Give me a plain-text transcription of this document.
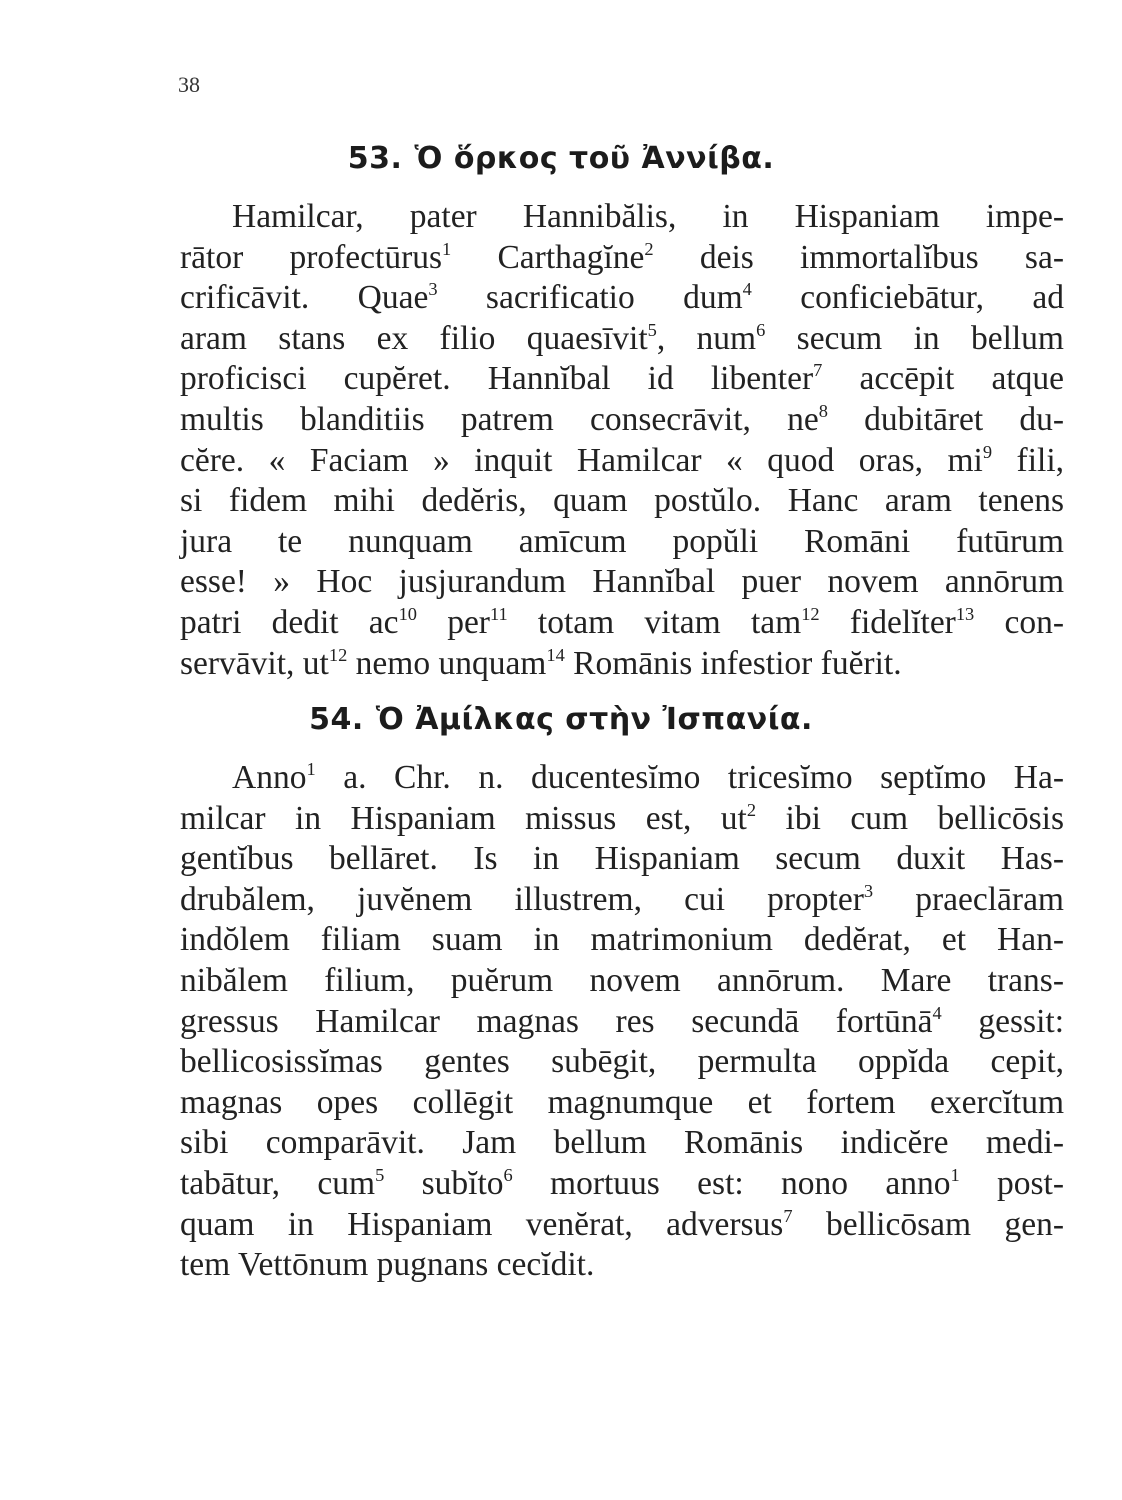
38
53. Ὁ ὅρκος τοῦ Ἀννίβα.
Hamilcar, pater Hannibălis, in Hispaniam impe-
rātor profectūrus$^1$ Carthagĭne$^2$ deis immortalĭbus sa-
crificāvit. Quae$^3$ sacrificatio dum$^4$ conficiebātur, ad
aram stans ex filio quaesīvit$^5$, num$^6$ secum in bellum
proficisci cupĕret. Hannĭbal id libenter$^7$ accēpit atque
multis blanditiis patrem consecrāvit, $ne^8$ dubitāret du-
cĕre. « Faciam » inquit Hamilcar « quod oras, $mi^9$ fili,
si fidem mihi dedĕris, quam postŭlo. Hanc aram tenens
jura te nunquam amīcum popŭli Romāni futūrum
esse! » Hoc jusjurandum Hannĭbal puer novem annōrum
patri dedit $ac^{10}$ per$^{11}$ totam vitam tam$^{12}$ fidelĭter$^{13}$ con-
servāvit, $ut^{12}$ nemo unquam$^{14}$ Romānis infestior fuĕrit.
54. Ὁ Ἀμίλκας στὴν Ἰσπανία.
Anno$^1$ a. Chr. n. ducentesĭmo tricesĭmo septĭmo Ha-
milcar in Hispaniam missus est, $ut^2$ ibi cum bellicōsis
gentĭbus bellāret. Is in Hispaniam secum duxit Has-
drubălem, juvĕnem illustrem, cui propter$^3$ praeclāram
indŏlem filiam suam in matrimonium dedĕrat, et Han-
nibălem filium, puĕrum novem annōrum. Mare trans-
gressus Hamilcar magnas res secundā fortūnā$^4$ gessit:
bellicosissĭmas gentes subēgit, permulta oppĭda cepit,
magnas opes collēgit magnumque et fortem exercĭtum
sibi comparāvit. Jam bellum Romānis indicĕre medi-
tabātur, cum$^5$ subĭto$^6$ mortuus est: nono anno$^1$ post-
quam in Hispaniam venĕrat, adversus$^7$ bellicōsam gen-
tem Vettōnum pugnans cecĭdit.
